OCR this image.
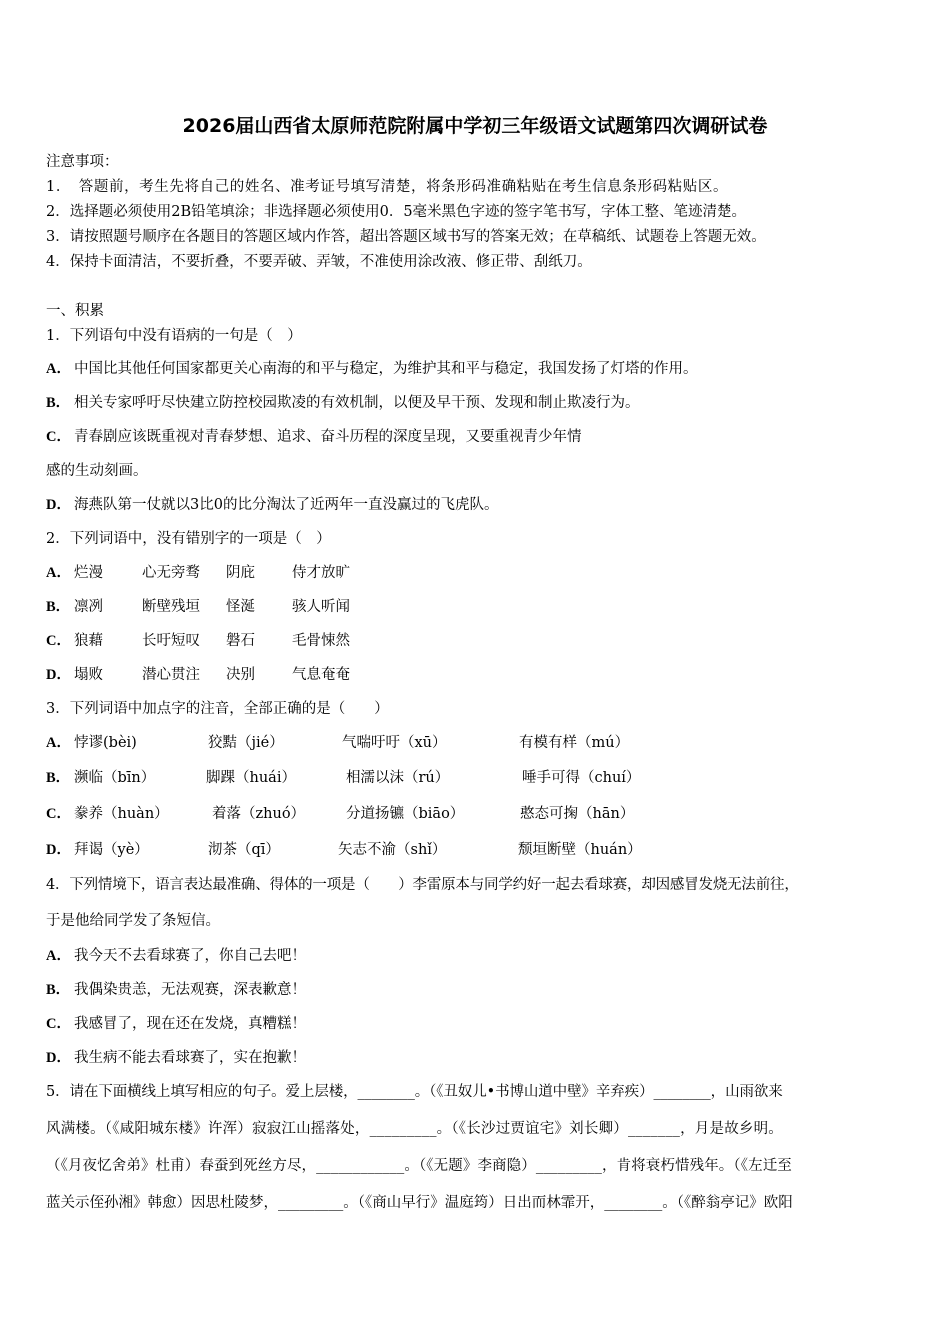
2026届山西省太原师范院附属中学初三年级语文试题第四次调研试卷
注意事项：
1．　答题前，考生先将自己的姓名、准考证号填写清楚，将条形码准确粘贴在考生信息条形码粘贴区。
2．选择题必须使用2B铅笔填涂；非选择题必须使用0．5毫米黑色字迹的签字笔书写，字体工整、笔迹清楚。
3．请按照题号顺序在各题目的答题区域内作答，超出答题区域书写的答案无效；在草稿纸、试题卷上答题无效。
4．保持卡面清洁，不要折叠，不要弄破、弄皱，不准使用涂改液、修正带、刮纸刀。
一、积累
1．下列语句中没有语病的一句是（　）
A． 中国比其他任何国家都更关心南海的和平与稳定，为维护其和平与稳定，我国发扬了灯塔的作用。
B． 相关专家呼吁尽快建立防控校园欺凌的有效机制，以便及早干预、发现和制止欺凌行为。
C． 青春剧应该既重视对青春梦想、追求、奋斗历程的深度呈现，又要重视青少年情
感的生动刻画。
D． 海燕队第一仗就以3比0的比分淘汰了近两年一直没赢过的飞虎队。
2．下列词语中，没有错别字的一项是（　）
A． 烂漫	心无旁骛 阴庇	侍才放旷
B． 凛冽	断壁残垣 怪涎	骇人听闻
C． 狼藉	长吁短叹 磐石	毛骨悚然
D． 塌败	潜心贯注 决别	气息奄奄
3．下列词语中加点字的注音，全部正确的是（　　）
A． 悖谬(bèi)	狡黠（jié）	气喘吁吁（xū）	有模有样（mú）
B． 濒临（bīn）	脚踝（huái）	相濡以沫（rú）	唾手可得（chuí）
C． 豢养（huàn）	着落（zhuó）	分道扬镳（biāo）	憨态可掬（hān）
D． 拜谒（yè）	沏茶（qī）	矢志不渝（shǐ）	颓垣断壁（huán）
4．下列情境下，语言表达最准确、得体的一项是（　　）李雷原本与同学约好一起去看球赛，却因感冒发烧无法前往，
于是他给同学发了条短信。
A． 我今天不去看球赛了，你自己去吧！
B． 我偶染贵恙，无法观赛，深表歉意！
C． 我感冒了，现在还在发烧，真糟糕！
D． 我生病不能去看球赛了，实在抱歉！
5．请在下面横线上填写相应的句子。爱上层楼，________。（《丑奴儿•书博山道中壁》辛弃疾）________，山雨欲来
风满楼。（《咸阳城东楼》许浑）寂寂江山摇落处，_________。（《长沙过贾谊宅》刘长卿）_______，月是故乡明。
（《月夜忆舍弟》杜甫）春蚕到死丝方尽，____________。（《无题》李商隐）_________，肯将衰朽惜残年。（《左迁至
蓝关示侄孙湘》韩愈）因思杜陵梦，_________。（《商山早行》温庭筠）日出而林霏开，________。（《醉翁亭记》欧阳
